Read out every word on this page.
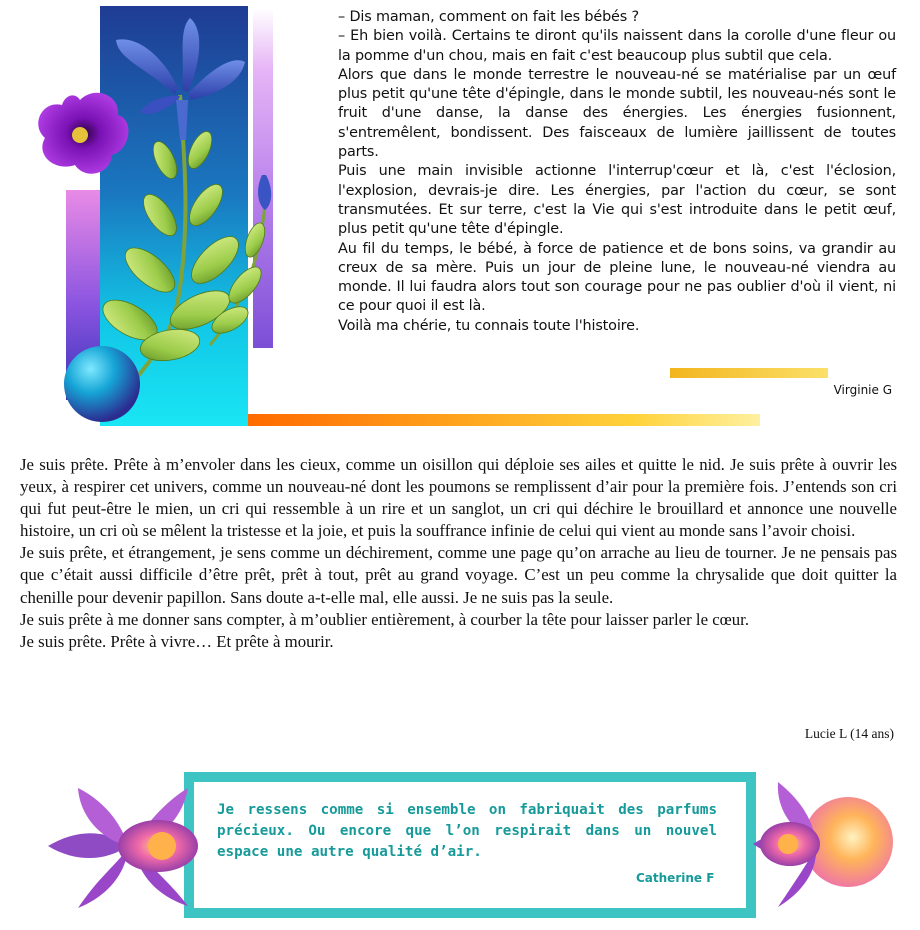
– Dis maman, comment on fait les bébés ?

– Eh bien voilà. Certains te diront qu'ils naissent dans la corolle d'une fleur ou la pomme d'un chou, mais en fait c'est beaucoup plus subtil que cela.

Alors que dans le monde terrestre le nouveau-né se matérialise par un œuf plus petit qu'une tête d'épingle, dans le monde subtil, les nouveau-nés sont le fruit d'une danse, la danse des énergies. Les énergies fusionnent, s'entremêlent, bondissent. Des faisceaux de lumière jaillissent de toutes parts.

Puis une main invisible actionne l'interrup'cœur et là, c'est l'éclosion, l'explosion, devrais-je dire. Les énergies, par l'action du cœur, se sont transmutées. Et sur terre, c'est la Vie qui s'est introduite dans le petit œuf, plus petit qu'une tête d'épingle.

Au fil du temps, le bébé, à force de patience et de bons soins, va grandir au creux de sa mère. Puis un jour de pleine lune, le nouveau-né viendra au monde. Il lui faudra alors tout son courage pour ne pas oublier d'où il vient, ni ce pour quoi il est là.

Voilà ma chérie, tu connais toute l'histoire.

Virginie G

Je suis prête. Prête à m’envoler dans les cieux, comme un oisillon qui déploie ses ailes et quitte le nid. Je suis prête à ouvrir les yeux, à respirer cet univers, comme un nouveau-né dont les poumons se remplissent d’air pour la première fois. J’entends son cri qui fut peut-être le mien, un cri qui ressemble à un rire et un sanglot, un cri qui déchire le brouillard et annonce une nouvelle histoire, un cri où se mêlent la tristesse et la joie, et puis la souffrance infinie de celui qui vient au monde sans l’avoir choisi.

Je suis prête, et étrangement, je sens comme un déchirement, comme une page qu’on arrache au lieu de tourner. Je ne pensais pas que c’était aussi difficile d’être prêt, prêt à tout, prêt au grand voyage. C’est un peu comme la chrysalide que doit quitter la chenille pour devenir papillon. Sans doute a-t-elle mal, elle aussi. Je ne suis pas la seule.

Je suis prête à me donner sans compter, à m’oublier entièrement, à courber la tête pour laisser parler le cœur.

Je suis prête. Prête à vivre… Et prête à mourir.

Lucie L (14 ans)
Je ressens comme si ensemble on fabriquait des parfums précieux. Ou encore que l’on respirait dans un nouvel espace une autre qualité d’air.
Catherine F
